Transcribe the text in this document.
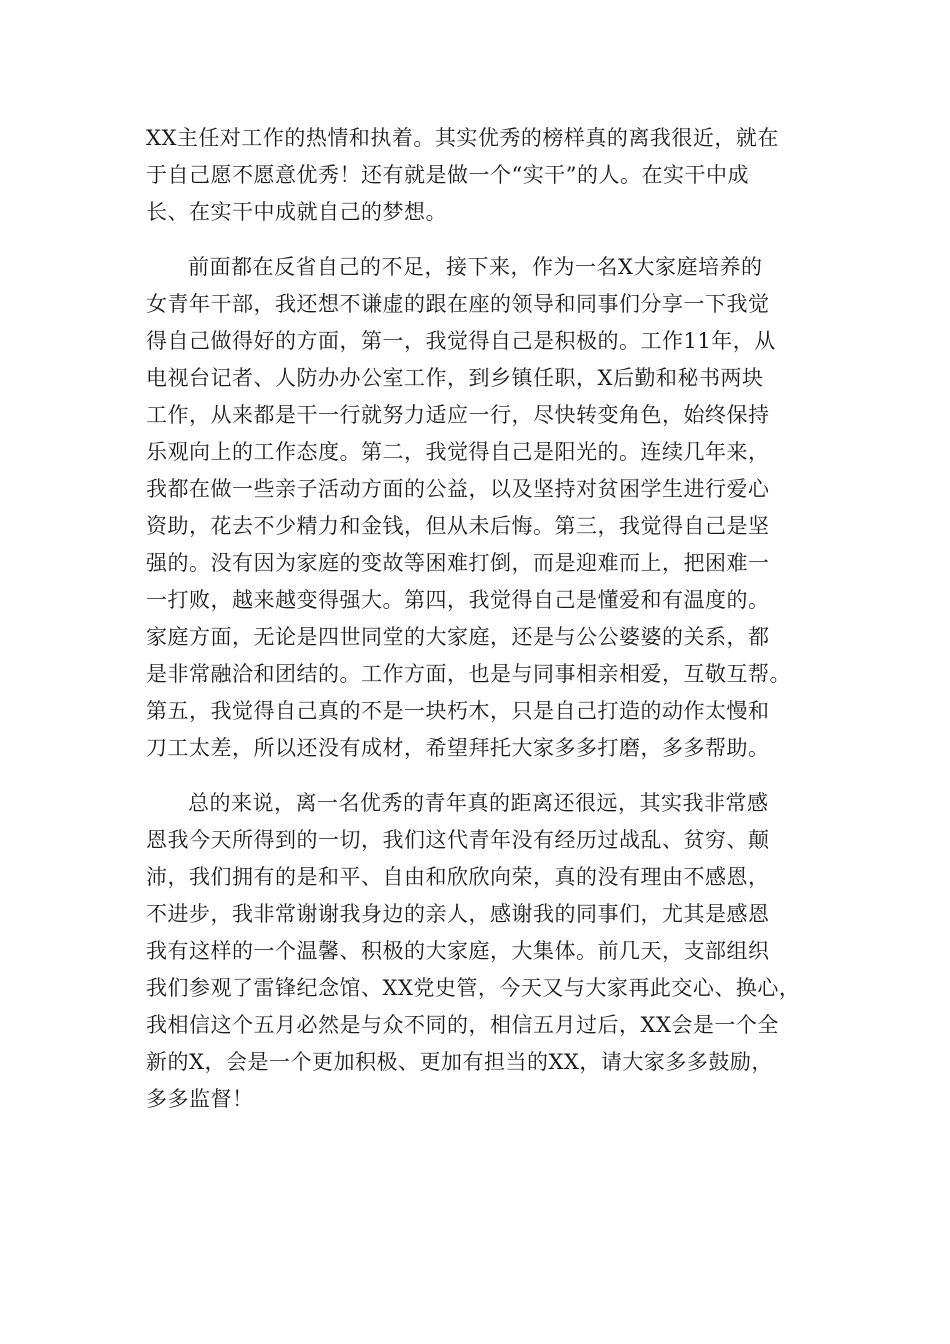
XX主任对工作的热情和执着。其实优秀的榜样真的离我很近，就在
于自己愿不愿意优秀！还有就是做一个“实干”的人。在实干中成
长、在实干中成就自己的梦想。

前面都在反省自己的不足，接下来，作为一名X大家庭培养的
女青年干部，我还想不谦虚的跟在座的领导和同事们分享一下我觉
得自己做得好的方面，第一，我觉得自己是积极的。工作11年，从
电视台记者、人防办办公室工作，到乡镇任职，X后勤和秘书两块
工作，从来都是干一行就努力适应一行，尽快转变角色，始终保持
乐观向上的工作态度。第二，我觉得自己是阳光的。连续几年来，
我都在做一些亲子活动方面的公益，以及坚持对贫困学生进行爱心
资助，花去不少精力和金钱，但从未后悔。第三，我觉得自己是坚
强的。没有因为家庭的变故等困难打倒，而是迎难而上，把困难一
一打败，越来越变得强大。第四，我觉得自己是懂爱和有温度的。
家庭方面，无论是四世同堂的大家庭，还是与公公婆婆的关系，都
是非常融洽和团结的。工作方面，也是与同事相亲相爱，互敬互帮。
第五，我觉得自己真的不是一块朽木，只是自己打造的动作太慢和
刀工太差，所以还没有成材，希望拜托大家多多打磨，多多帮助。

总的来说，离一名优秀的青年真的距离还很远，其实我非常感
恩我今天所得到的一切，我们这代青年没有经历过战乱、贫穷、颠
沛，我们拥有的是和平、自由和欣欣向荣，真的没有理由不感恩，
不进步，我非常谢谢我身边的亲人，感谢我的同事们，尤其是感恩
我有这样的一个温馨、积极的大家庭，大集体。前几天，支部组织
我们参观了雷锋纪念馆、XX党史管，今天又与大家再此交心、换心，
我相信这个五月必然是与众不同的，相信五月过后，XX会是一个全
新的X，会是一个更加积极、更加有担当的XX，请大家多多鼓励，
多多监督！
